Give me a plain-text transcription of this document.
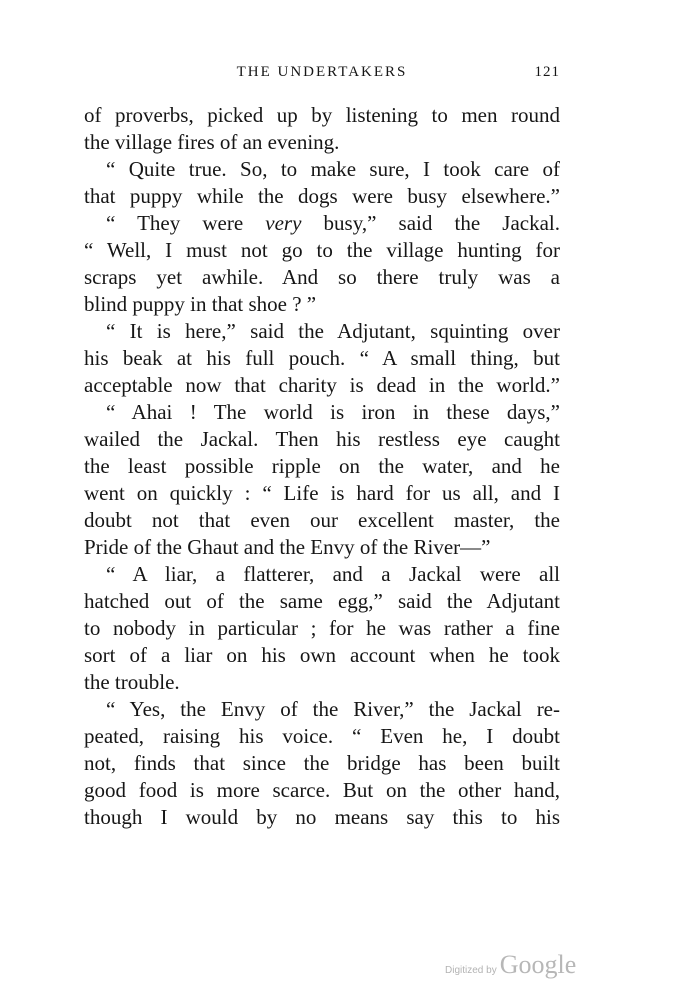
THE UNDERTAKERS	121
of proverbs, picked up by listening to men round
the village fires of an evening.
“ Quite true. So, to make sure, I took care of
that puppy while the dogs were busy elsewhere.”
“ They were very busy,” said the Jackal.
“ Well, I must not go to the village hunting for
scraps yet awhile. And so there truly was a
blind puppy in that shoe ? ”
“ It is here,” said the Adjutant, squinting over
his beak at his full pouch. “ A small thing, but
acceptable now that charity is dead in the world.”
“ Ahai ! The world is iron in these days,”
wailed the Jackal. Then his restless eye caught
the least possible ripple on the water, and he
went on quickly : “ Life is hard for us all, and I
doubt not that even our excellent master, the
Pride of the Ghaut and the Envy of the River—”
“ A liar, a flatterer, and a Jackal were all
hatched out of the same egg,” said the Adjutant
to nobody in particular ; for he was rather a fine
sort of a liar on his own account when he took
the trouble.
“ Yes, the Envy of the River,” the Jackal re-
peated, raising his voice. “ Even he, I doubt
not, finds that since the bridge has been built
good food is more scarce. But on the other hand,
though I would by no means say this to his
Digitized by Google
